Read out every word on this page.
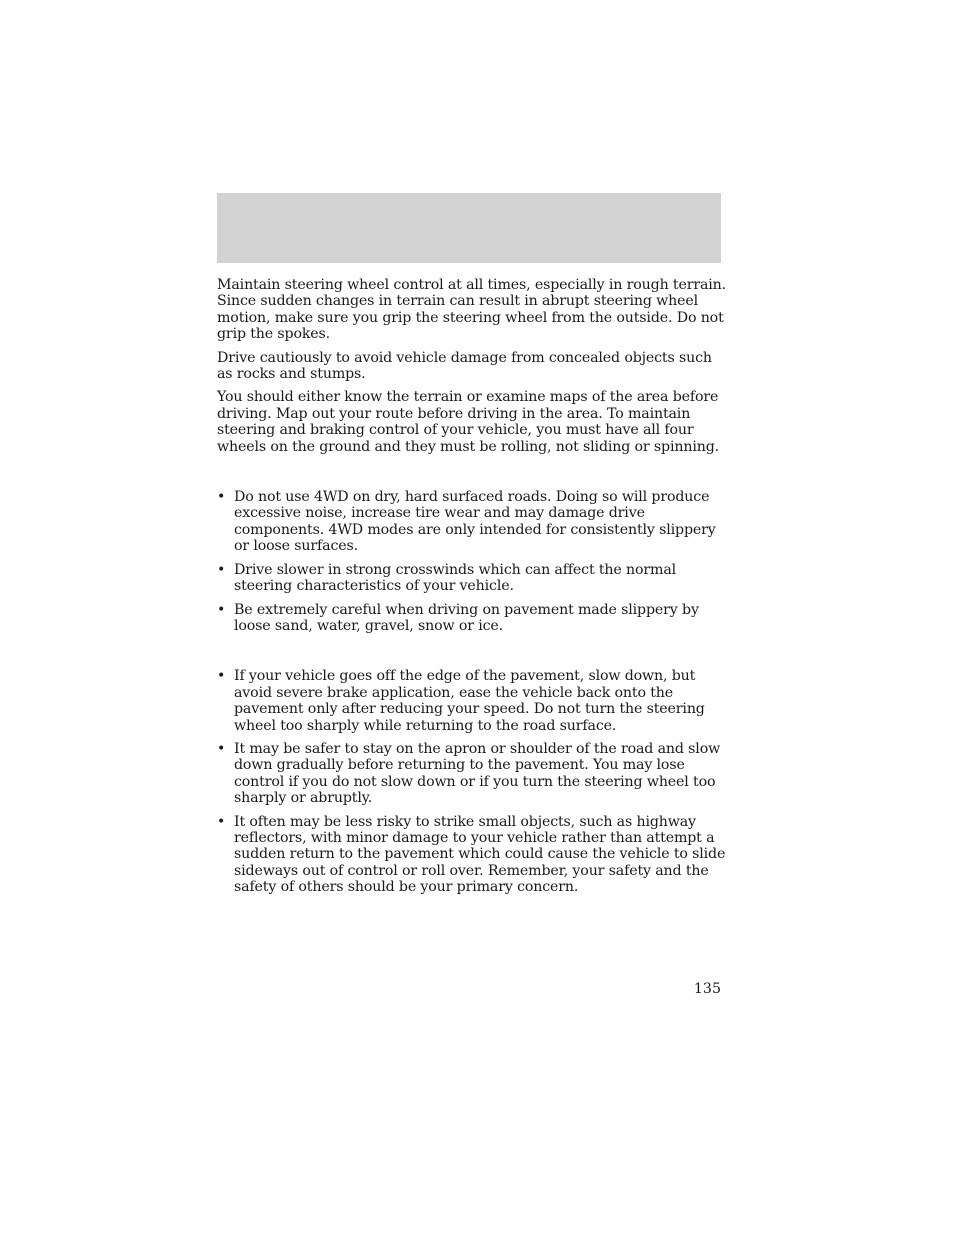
Maintain steering wheel control at all times, especially in rough terrain. Since sudden changes in terrain can result in abrupt steering wheel motion, make sure you grip the steering wheel from the outside. Do not grip the spokes.

Drive cautiously to avoid vehicle damage from concealed objects such as rocks and stumps.

You should either know the terrain or examine maps of the area before driving. Map out your route before driving in the area. To maintain steering and braking control of your vehicle, you must have all four wheels on the ground and they must be rolling, not sliding or spinning.

• Do not use 4WD on dry, hard surfaced roads. Doing so will produce excessive noise, increase tire wear and may damage drive components. 4WD modes are only intended for consistently slippery or loose surfaces.
• Drive slower in strong crosswinds which can affect the normal steering characteristics of your vehicle.
• Be extremely careful when driving on pavement made slippery by loose sand, water, gravel, snow or ice.
• If your vehicle goes off the edge of the pavement, slow down, but avoid severe brake application, ease the vehicle back onto the pavement only after reducing your speed. Do not turn the steering wheel too sharply while returning to the road surface.
• It may be safer to stay on the apron or shoulder of the road and slow down gradually before returning to the pavement. You may lose control if you do not slow down or if you turn the steering wheel too sharply or abruptly.
• It often may be less risky to strike small objects, such as highway reflectors, with minor damage to your vehicle rather than attempt a sudden return to the pavement which could cause the vehicle to slide sideways out of control or roll over. Remember, your safety and the safety of others should be your primary concern.
135
